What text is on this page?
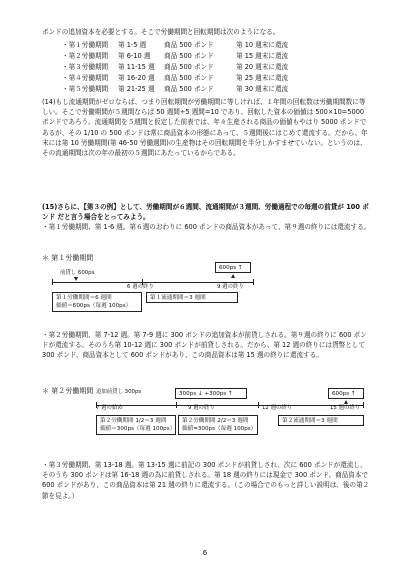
ポンドの追加資本を必要とする。そこで労働期間と回転期間は次のようになる。

・第１労働期間 第 1-5 週	商品 500 ポンド	第 10 週末に還流
・第２労働期間 第 6-10 週 商品 500 ポンド	第 15 週末に還流
・第３労働期間 第 11-15 週 商品 500 ポンド	第 20 週末に還流
・第４労働期間 第 16-20 週 商品 500 ポンド	第 25 週末に還流
・第５労働期間 第 21-25 週 商品 500 ポンド	第 30 週末に還流

(14)もし流通期間がゼロならば、つまり回転期間が労働期間に等しければ、１年間の回転数は労働期間数に等しい。そこで労働期間が５週間ならば 50 週間÷5 週間=10 であり、回転した資本の価値は 500×10=5000 ポンドであろう。流通期間を５週間と仮定した前表では、年々生産される商品の価値もやはり 5000 ポンドであるが、その 1/10 の 500 ポンドは常に商品資本の形態にあって、５週間後にはじめて還流する。だから、年末には第 10 労働期間(第 46-50 労働週間)の生産物はその回転期間を半分しかすませていない。というのは、その流通期間は次の年の最初の５週間にあたっているからである。

(15)さらに、【第３の例】として、労働期間が６週間、流通期間が３週間、労働過程での毎週の前貸が 100 ポンド だと言う場合をとってみよう。

・第１労働期間、第 1-6 週。第６週のおわりに 600 ポンドの商品資本があって、第９週の終りには還流する。

＊ 第１労働期間
前貸し 600ps
600ps ↑
6 週の終り	9 週の終り
第１労働期間＝6 週間
価値＝600ps（毎週 100ps）
第１流通期間＝3 週間

・第２労働期間、第 7-12 週。第 7-9 週に 300 ポンドの追加資本が前貸しされる。第９週の終りに 600 ポンドが還流する。そのうち第 10-12 週に 300 ポンドが前貸しされる。だから、第 12 週の終りには貨幣として 300 ポンド、商品資本として 600 ポンドがあり、この商品資本は第 15 週の終りに還流する。

＊ 第２労働期間 追加前貸し 300ps	300ps ↓ +300ps ↑	600ps ↑
7 週の始め	9 週の終り	12 週の終り	15 週の終り
第２労働期間 1/2＝3 週間
価値＝300ps（毎週 100ps）
第２労働期間 2/2＝3 週間
価値=300ps（毎週 100ps）
第２流通期間＝3 週間

・第３労働期間、第 13-18 週。第 13-15 週に前記の 300 ポンドが前貸しされ、次に 600 ポンドが還流し、そのうち 300 ポンドは第 16-18 週の為に前貸しされる。第 18 週の終りには現金で 300 ポンド、商品資本で 600 ポンドがあり、この商品資本は第 21 週の終りに還流する。（この場合でのもっと詳しい説明は、後の第２節を見よ。）

6
